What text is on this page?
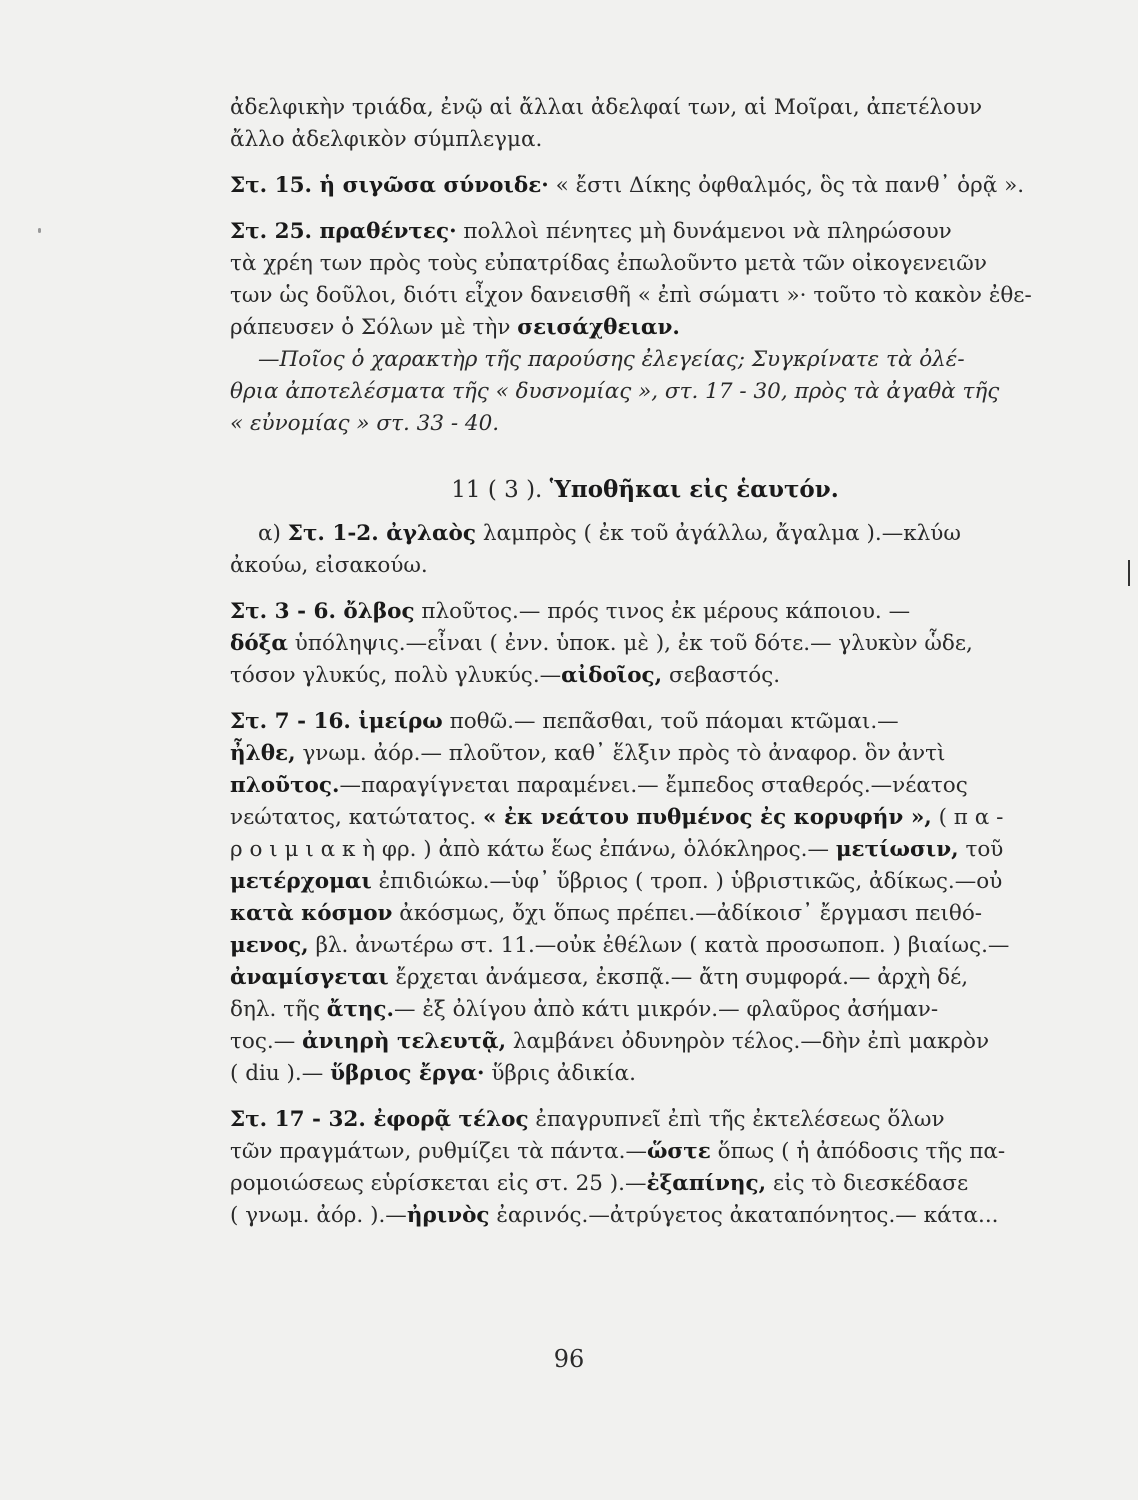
ἀδελφικὴν τριάδα, ἐνῷ αἱ ἄλλαι ἀδελφαί των, αἱ Μοῖραι, ἀπετέλουν
ἄλλο ἀδελφικὸν σύμπλεγμα.
Στ. 15. ἡ σιγῶσα σύνοιδε· « ἔστι Δίκης ὀφθαλμός, ὃς τὰ πανθ᾽ ὁρᾷ ».
Στ. 25. πραθέντες· πολλοὶ πένητες μὴ δυνάμενοι νὰ πληρώσουν
τὰ χρέη των πρὸς τοὺς εὐπατρίδας ἐπωλοῦντο μετὰ τῶν οἰκογενειῶν
των ὡς δοῦλοι, διότι εἶχον δανεισθῆ « ἐπὶ σώματι »· τοῦτο τὸ κακὸν ἐθε-
ράπευσεν ὁ Σόλων μὲ τὴν σεισάχθειαν.
—Ποῖος ὁ χαρακτὴρ τῆς παρούσης ἐλεγείας; Συγκρίνατε τὰ ὀλέ-
θρια ἀποτελέσματα τῆς « δυσνομίας », στ. 17 - 30, πρὸς τὰ ἀγαθὰ τῆς
« εὐνομίας » στ. 33 - 40.
11 ( 3 ). Ὑποθῆκαι εἰς ἑαυτόν.
α) Στ. 1-2. ἀγλαὸς λαμπρὸς ( ἐκ τοῦ ἀγάλλω, ἄγαλμα ).—κλύω
ἀκούω, εἰσακούω.
Στ. 3 - 6. ὄλβος πλοῦτος.— πρός τινος ἐκ μέρους κάποιου. —
δόξα ὑπόληψις.—εἶναι ( ἐνν. ὑποκ. μὲ ), ἐκ τοῦ δότε.— γλυκὺν ὧδε,
τόσον γλυκύς, πολὺ γλυκύς.—αἰδοῖος, σεβαστός.
Στ. 7 - 16. ἱμείρω ποθῶ.— πεπᾶσθαι, τοῦ πάομαι κτῶμαι.—
ἦλθε, γνωμ. ἀόρ.— πλοῦτον, καθ᾽ ἕλξιν πρὸς τὸ ἀναφορ. ὃν ἀντὶ
πλοῦτος.—παραγίγνεται παραμένει.— ἔμπεδος σταθερός.—νέατος
νεώτατος, κατώτατος. « ἐκ νεάτου πυθμένος ἐς κορυφήν », ( π α -
ρ ο ι μ ι α κ ὴ φρ. ) ἀπὸ κάτω ἕως ἐπάνω, ὁλόκληρος.— μετίωσιν, τοῦ
μετέρχομαι ἐπιδιώκω.—ὑφ᾽ ὕβριος ( τροπ. ) ὑβριστικῶς, ἀδίκως.—οὐ
κατὰ κόσμον ἀκόσμως, ὄχι ὅπως πρέπει.—ἀδίκοισ᾽ ἔργμασι πειθό-
μενος, βλ. ἀνωτέρω στ. 11.—οὐκ ἐθέλων ( κατὰ προσωποπ. ) βιαίως.—
ἀναμίσγεται ἔρχεται ἀνάμεσα, ἐκσπᾷ.— ἄτη συμφορά.— ἀρχὴ δέ,
δηλ. τῆς ἄτης.— ἐξ ὀλίγου ἀπὸ κάτι μικρόν.— φλαῦρος ἀσήμαν-
τος.— ἀνιηρὴ τελευτᾷ, λαμβάνει ὀδυνηρὸν τέλος.—δὴν ἐπὶ μακρὸν
( diu ).— ὕβριος ἔργα· ὕβρις ἀδικία.
Στ. 17 - 32. ἐφορᾷ τέλος ἐπαγρυπνεῖ ἐπὶ τῆς ἐκτελέσεως ὅλων
τῶν πραγμάτων, ρυθμίζει τὰ πάντα.—ὥστε ὅπως ( ἡ ἀπόδοσις τῆς πα-
ρομοιώσεως εὑρίσκεται εἰς στ. 25 ).—ἐξαπίνης, εἰς τὸ διεσκέδασε
( γνωμ. ἀόρ. ).—ἠρινὸς ἐαρινός.—ἀτρύγετος ἀκαταπόνητος.— κάτα...
96
